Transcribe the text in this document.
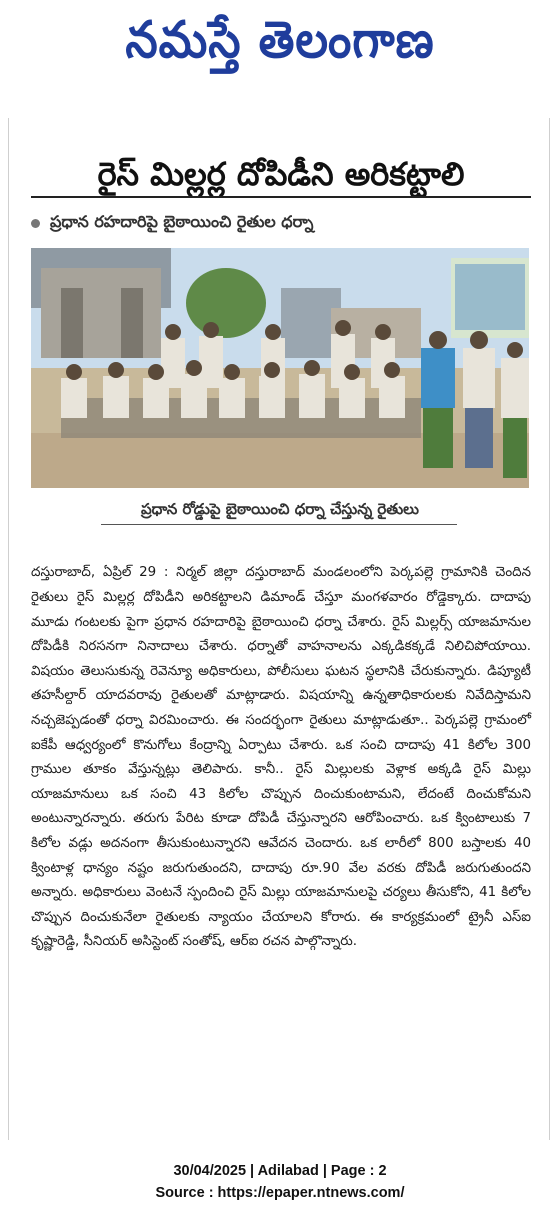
నమస్తే తెలంగాణ
రైస్ మిల్లర్ల దోపిడీని అరికట్టాలి
ప్రధాన రహదారిపై బైఠాయించి రైతుల ధర్నా
ప్రధాన రోడ్డుపై బైఠాయించి ధర్నా చేస్తున్న రైతులు

దస్తురాబాద్, ఏప్రిల్ 29 : నిర్మల్ జిల్లా దస్తురాబాద్ మండలంలోని పెర్కపల్లె గ్రామానికి చెందిన రైతులు రైస్ మిల్లర్ల దోపిడీని అరికట్టాలని డిమాండ్ చేస్తూ మంగళవారం రోడ్డెక్కారు. దాదాపు మూడు గంటలకు పైగా ప్రధాన రహదారిపై బైఠాయించి ధర్నా చేశారు. రైస్ మిల్లర్స్ యాజమానుల దోపిడీకి నిరసనగా నినాదాలు చేశారు. ధర్నాతో వాహనాలను ఎక్కడికక్కడే నిలిచిపోయాయి. విషయం తెలుసుకున్న రెవెన్యూ అధికారులు, పోలీసులు ఘటన స్థలానికి చేరుకున్నారు. డిప్యూటీ తహసీల్దార్ యాదవరావు రైతులతో మాట్లాడారు. విషయాన్ని ఉన్నతాధికారులకు నివేదిస్తామని నచ్చజెప్పడంతో ధర్నా విరమించారు. ఈ సందర్భంగా రైతులు మాట్లాడుతూ.. పెర్కపల్లె గ్రామంలో ఐకేపీ ఆధ్వర్యంలో కొనుగోలు కేంద్రాన్ని ఏర్పాటు చేశారు. ఒక సంచి దాదాపు 41 కిలోల 300 గ్రాముల తూకం వేస్తున్నట్లు తెలిపారు. కానీ.. రైస్ మిల్లులకు వెళ్లాక అక్కడి రైస్ మిల్లు యాజమానులు ఒక సంచి 43 కిలోల చొప్పున దించుకుంటామని, లేదంటే దించుకోమని అంటున్నారన్నారు. తరుగు పేరిట కూడా దోపిడీ చేస్తున్నారని ఆరోపించారు. ఒక క్వింటాలుకు 7 కిలోల వడ్లు అదనంగా తీసుకుంటున్నారని ఆవేదన చెందారు. ఒక లారీలో 800 బస్తాలకు 40 క్వింటాళ్ల ధాన్యం నష్టం జరుగుతుందని, దాదాపు రూ.90 వేల వరకు దోపిడీ జరుగుతుందని అన్నారు. అధికారులు వెంటనే స్పందించి రైస్ మిల్లు యాజమానులపై చర్యలు తీసుకోని, 41 కిలోల చొప్పున దించుకునేలా రైతులకు న్యాయం చేయాలని కోరారు. ఈ కార్యక్రమంలో ట్రైనీ ఎస్ఐ కృష్ణారెడ్డి, సీనియర్ అసిస్టెంట్ సంతోష్, ఆర్ఐ రచన పాల్గొన్నారు.

30/04/2025 | Adilabad | Page : 2
Source : https://epaper.ntnews.com/
